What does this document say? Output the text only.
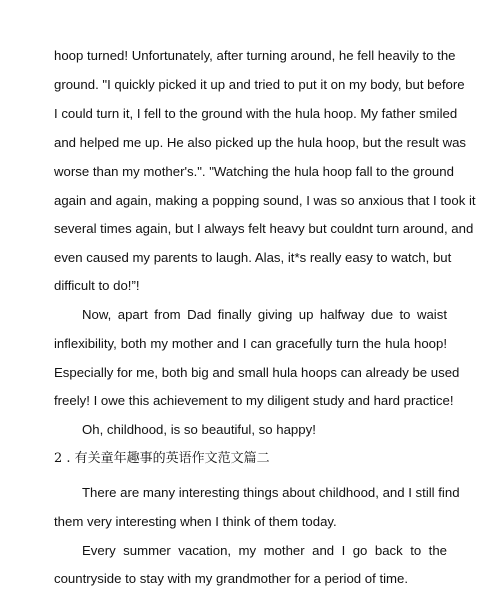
hoop turned! Unfortunately, after turning around, he fell heavily to the
ground. "I quickly picked it up and tried to put it on my body, but before
I could turn it, I fell to the ground with the hula hoop. My father smiled
and helped me up. He also picked up the hula hoop, but the result was
worse than my mother's.". "Watching the hula hoop fall to the ground
again and again, making a popping sound, I was so anxious that I took it
several times again, but I always felt heavy but couldnt turn around, and
even caused my parents to laugh. Alas, it*s really easy to watch, but
difficult to do!”!
Now, apart from Dad finally giving up halfway due to waist
inflexibility, both my mother and I can gracefully turn the hula hoop!
Especially for me, both big and small hula hoops can already be used
freely! I owe this achievement to my diligent study and hard practice!
Oh, childhood, is so beautiful, so happy!
2 . 有关童年趣事的英语作文范文篇二
There are many interesting things about childhood, and I still find
them very interesting when I think of them today.
Every summer vacation, my mother and I go back to the
countryside to stay with my grandmother for a period of time.
